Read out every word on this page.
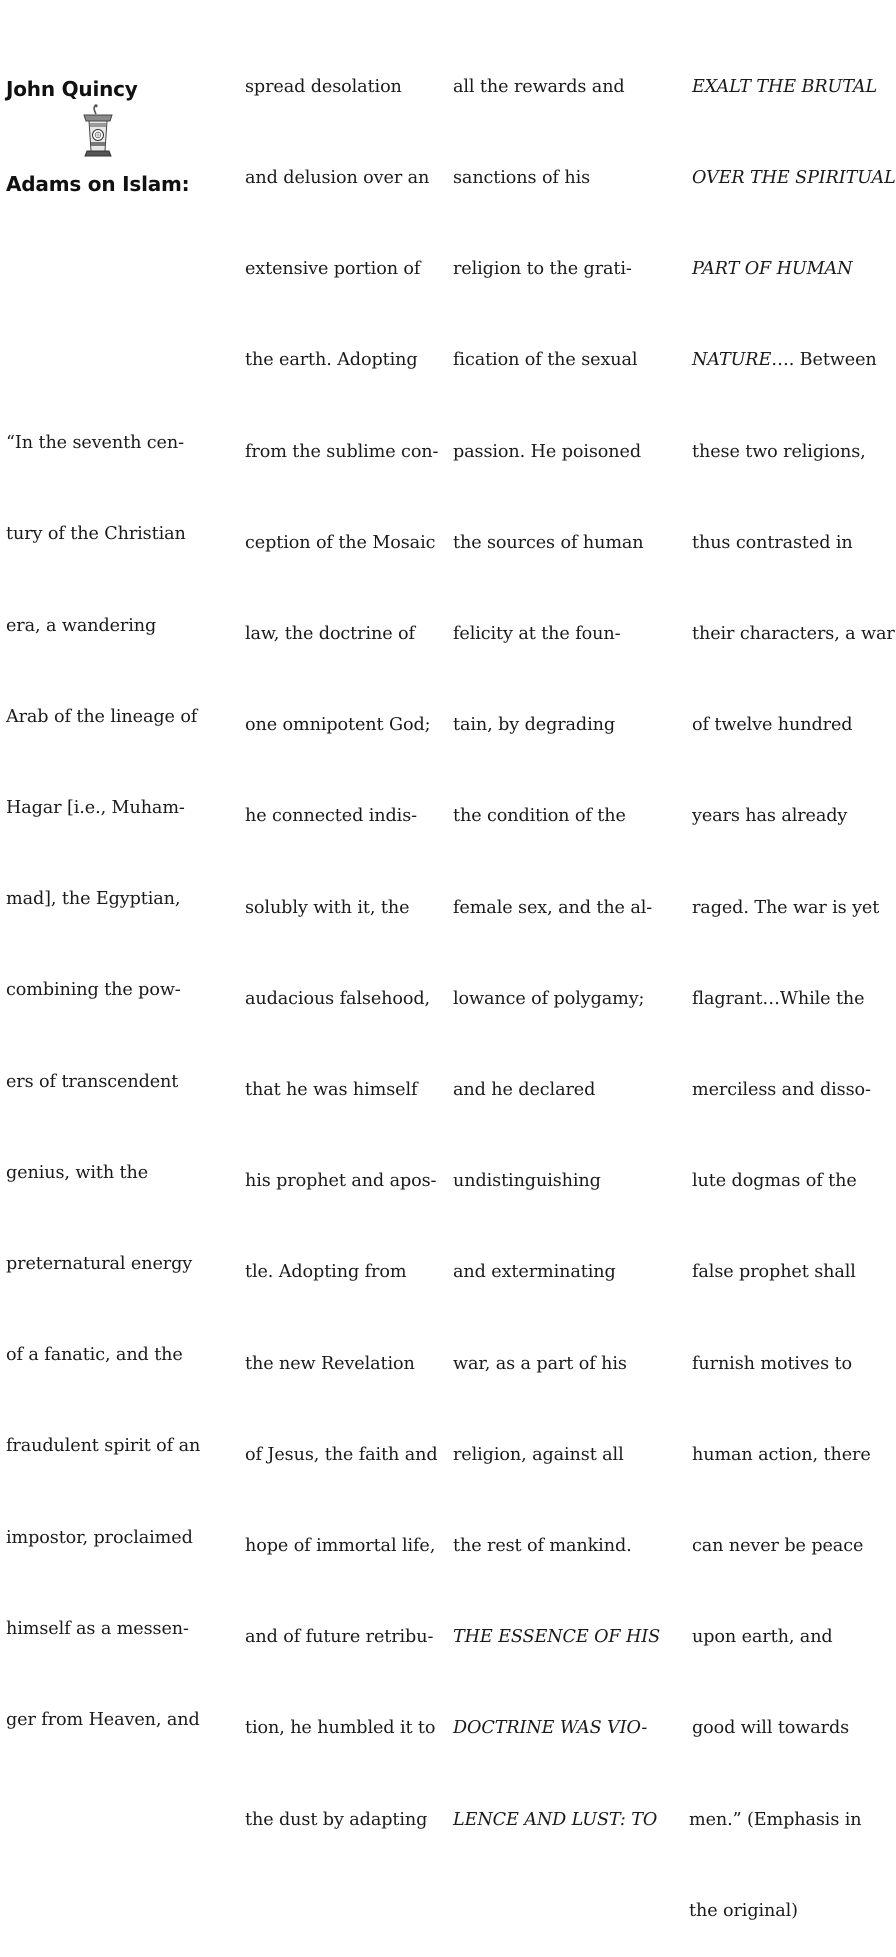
John Quincy

Adams on Islam:

“In the seventh cen-

tury of the Christian

era, a wandering

Arab of the lineage of

Hagar [i.e., Muham-

mad], the Egyptian,

combining the pow-

ers of transcendent

genius, with the

preternatural energy

of a fanatic, and the

fraudulent spirit of an

impostor, proclaimed

himself as a messen-

ger from Heaven, and

spread desolation

and delusion over an

extensive portion of

the earth. Adopting

from the sublime con-

ception of the Mosaic

law, the doctrine of

one omnipotent God;

he connected indis-

solubly with it, the

audacious falsehood,

that he was himself

his prophet and apos-

tle. Adopting from

the new Revelation

of Jesus, the faith and

hope of immortal life,

and of future retribu-

tion, he humbled it to

the dust by adapting

all the rewards and

sanctions of his

religion to the grati-

fication of the sexual

passion. He poisoned

the sources of human

felicity at the foun-

tain, by degrading

the condition of the

female sex, and the al-

lowance of polygamy;

and he declared

undistinguishing

and exterminating

war, as a part of his

religion, against all

the rest of mankind.

THE ESSENCE OF HIS

DOCTRINE WAS VIO-

LENCE AND LUST: TO

EXALT THE BRUTAL

OVER THE SPIRITUAL

PART OF HUMAN

NATURE…. Between

these two religions,

thus contrasted in

their characters, a war

of twelve hundred

years has already

raged. The war is yet

flagrant…While the

merciless and disso-

lute dogmas of the

false prophet shall

furnish motives to

human action, there

can never be peace

upon earth, and

good will towards

men.” (Emphasis in

the original)
